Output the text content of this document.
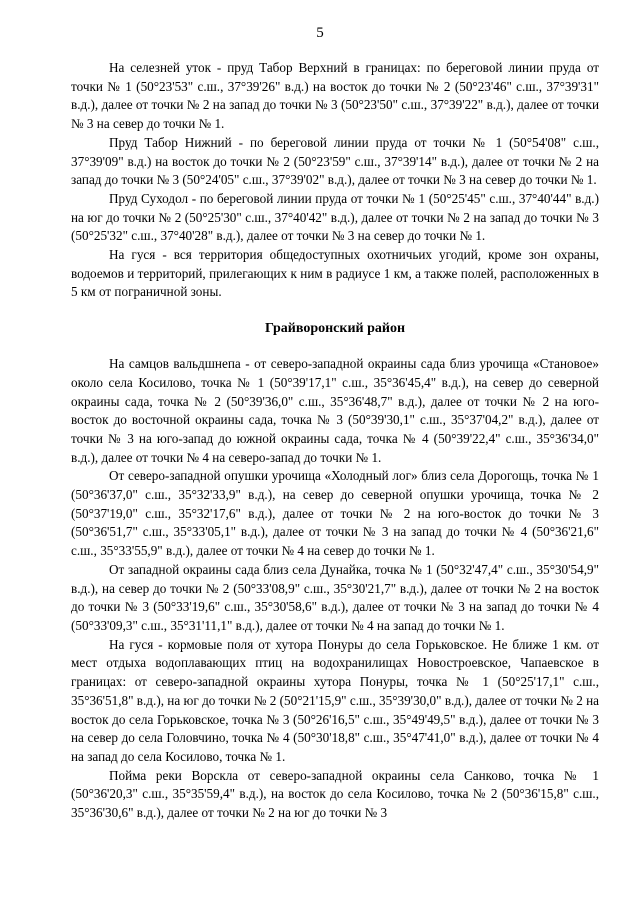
5

На селезней уток - пруд Табор Верхний в границах: по береговой линии пруда от точки № 1 (50°23'53" с.ш., 37°39'26" в.д.) на восток до точки № 2 (50°23'46" с.ш., 37°39'31" в.д.), далее от точки № 2 на запад до точки № 3 (50°23'50" с.ш., 37°39'22" в.д.), далее от точки № 3 на север до точки № 1.

Пруд Табор Нижний - по береговой линии пруда от точки № 1 (50°54'08" с.ш., 37°39'09" в.д.) на восток до точки № 2 (50°23'59" с.ш., 37°39'14" в.д.), далее от точки № 2 на запад до точки № 3 (50°24'05" с.ш., 37°39'02" в.д.), далее от точки № 3 на север до точки № 1.

Пруд Суходол - по береговой линии пруда от точки № 1 (50°25'45" с.ш., 37°40'44" в.д.) на юг до точки № 2 (50°25'30" с.ш., 37°40'42" в.д.), далее от точки № 2 на запад до точки № 3 (50°25'32" с.ш., 37°40'28" в.д.), далее от точки № 3 на север до точки № 1.

На гуся - вся территория общедоступных охотничьих угодий, кроме зон охраны, водоемов и территорий, прилегающих к ним в радиусе 1 км, а также полей, расположенных в 5 км от пограничной зоны.

Грайворонский район

На самцов вальдшнепа - от северо-западной окраины сада близ урочища «Становое» около села Косилово, точка № 1 (50°39'17,1" с.ш., 35°36'45,4" в.д.), на север до северной окраины сада, точка № 2 (50°39'36,0" с.ш., 35°36'48,7" в.д.), далее от точки № 2 на юго-восток до восточной окраины сада, точка № 3 (50°39'30,1" с.ш., 35°37'04,2" в.д.), далее от точки № 3 на юго-запад до южной окраины сада, точка № 4 (50°39'22,4" с.ш., 35°36'34,0" в.д.), далее от точки № 4 на северо-запад до точки № 1.

От северо-западной опушки урочища «Холодный лог» близ села Дорогощь, точка № 1 (50°36'37,0" с.ш., 35°32'33,9" в.д.), на север до северной опушки урочища, точка № 2 (50°37'19,0" с.ш., 35°32'17,6" в.д.), далее от точки № 2 на юго-восток до точки № 3 (50°36'51,7" с.ш., 35°33'05,1" в.д.), далее от точки № 3 на запад до точки № 4 (50°36'21,6" с.ш., 35°33'55,9" в.д.), далее от точки № 4 на север до точки № 1.

От западной окраины сада близ села Дунайка, точка № 1 (50°32'47,4" с.ш., 35°30'54,9" в.д.), на север до точки № 2 (50°33'08,9" с.ш., 35°30'21,7" в.д.), далее от точки № 2 на восток до точки № 3 (50°33'19,6" с.ш., 35°30'58,6" в.д.), далее от точки № 3 на запад до точки № 4 (50°33'09,3" с.ш., 35°31'11,1" в.д.), далее от точки № 4 на запад до точки № 1.

На гуся - кормовые поля от хутора Понуры до села Горьковское. Не ближе 1 км. от мест отдыха водоплавающих птиц на водохранилищах Новостроевское, Чапаевское в границах: от северо-западной окраины хутора Понуры, точка № 1 (50°25'17,1" с.ш., 35°36'51,8" в.д.), на юг до точки № 2 (50°21'15,9" с.ш., 35°39'30,0" в.д.), далее от точки № 2 на восток до села Горьковское, точка № 3 (50°26'16,5" с.ш., 35°49'49,5" в.д.), далее от точки № 3 на север до села Головчино, точка № 4 (50°30'18,8" с.ш., 35°47'41,0" в.д.), далее от точки № 4 на запад до села Косилово, точка № 1.

Пойма реки Ворскла от северо-западной окраины села Санково, точка № 1 (50°36'20,3" с.ш., 35°35'59,4" в.д.), на восток до села Косилово, точка № 2 (50°36'15,8" с.ш., 35°36'30,6" в.д.), далее от точки № 2 на юг до точки № 3
